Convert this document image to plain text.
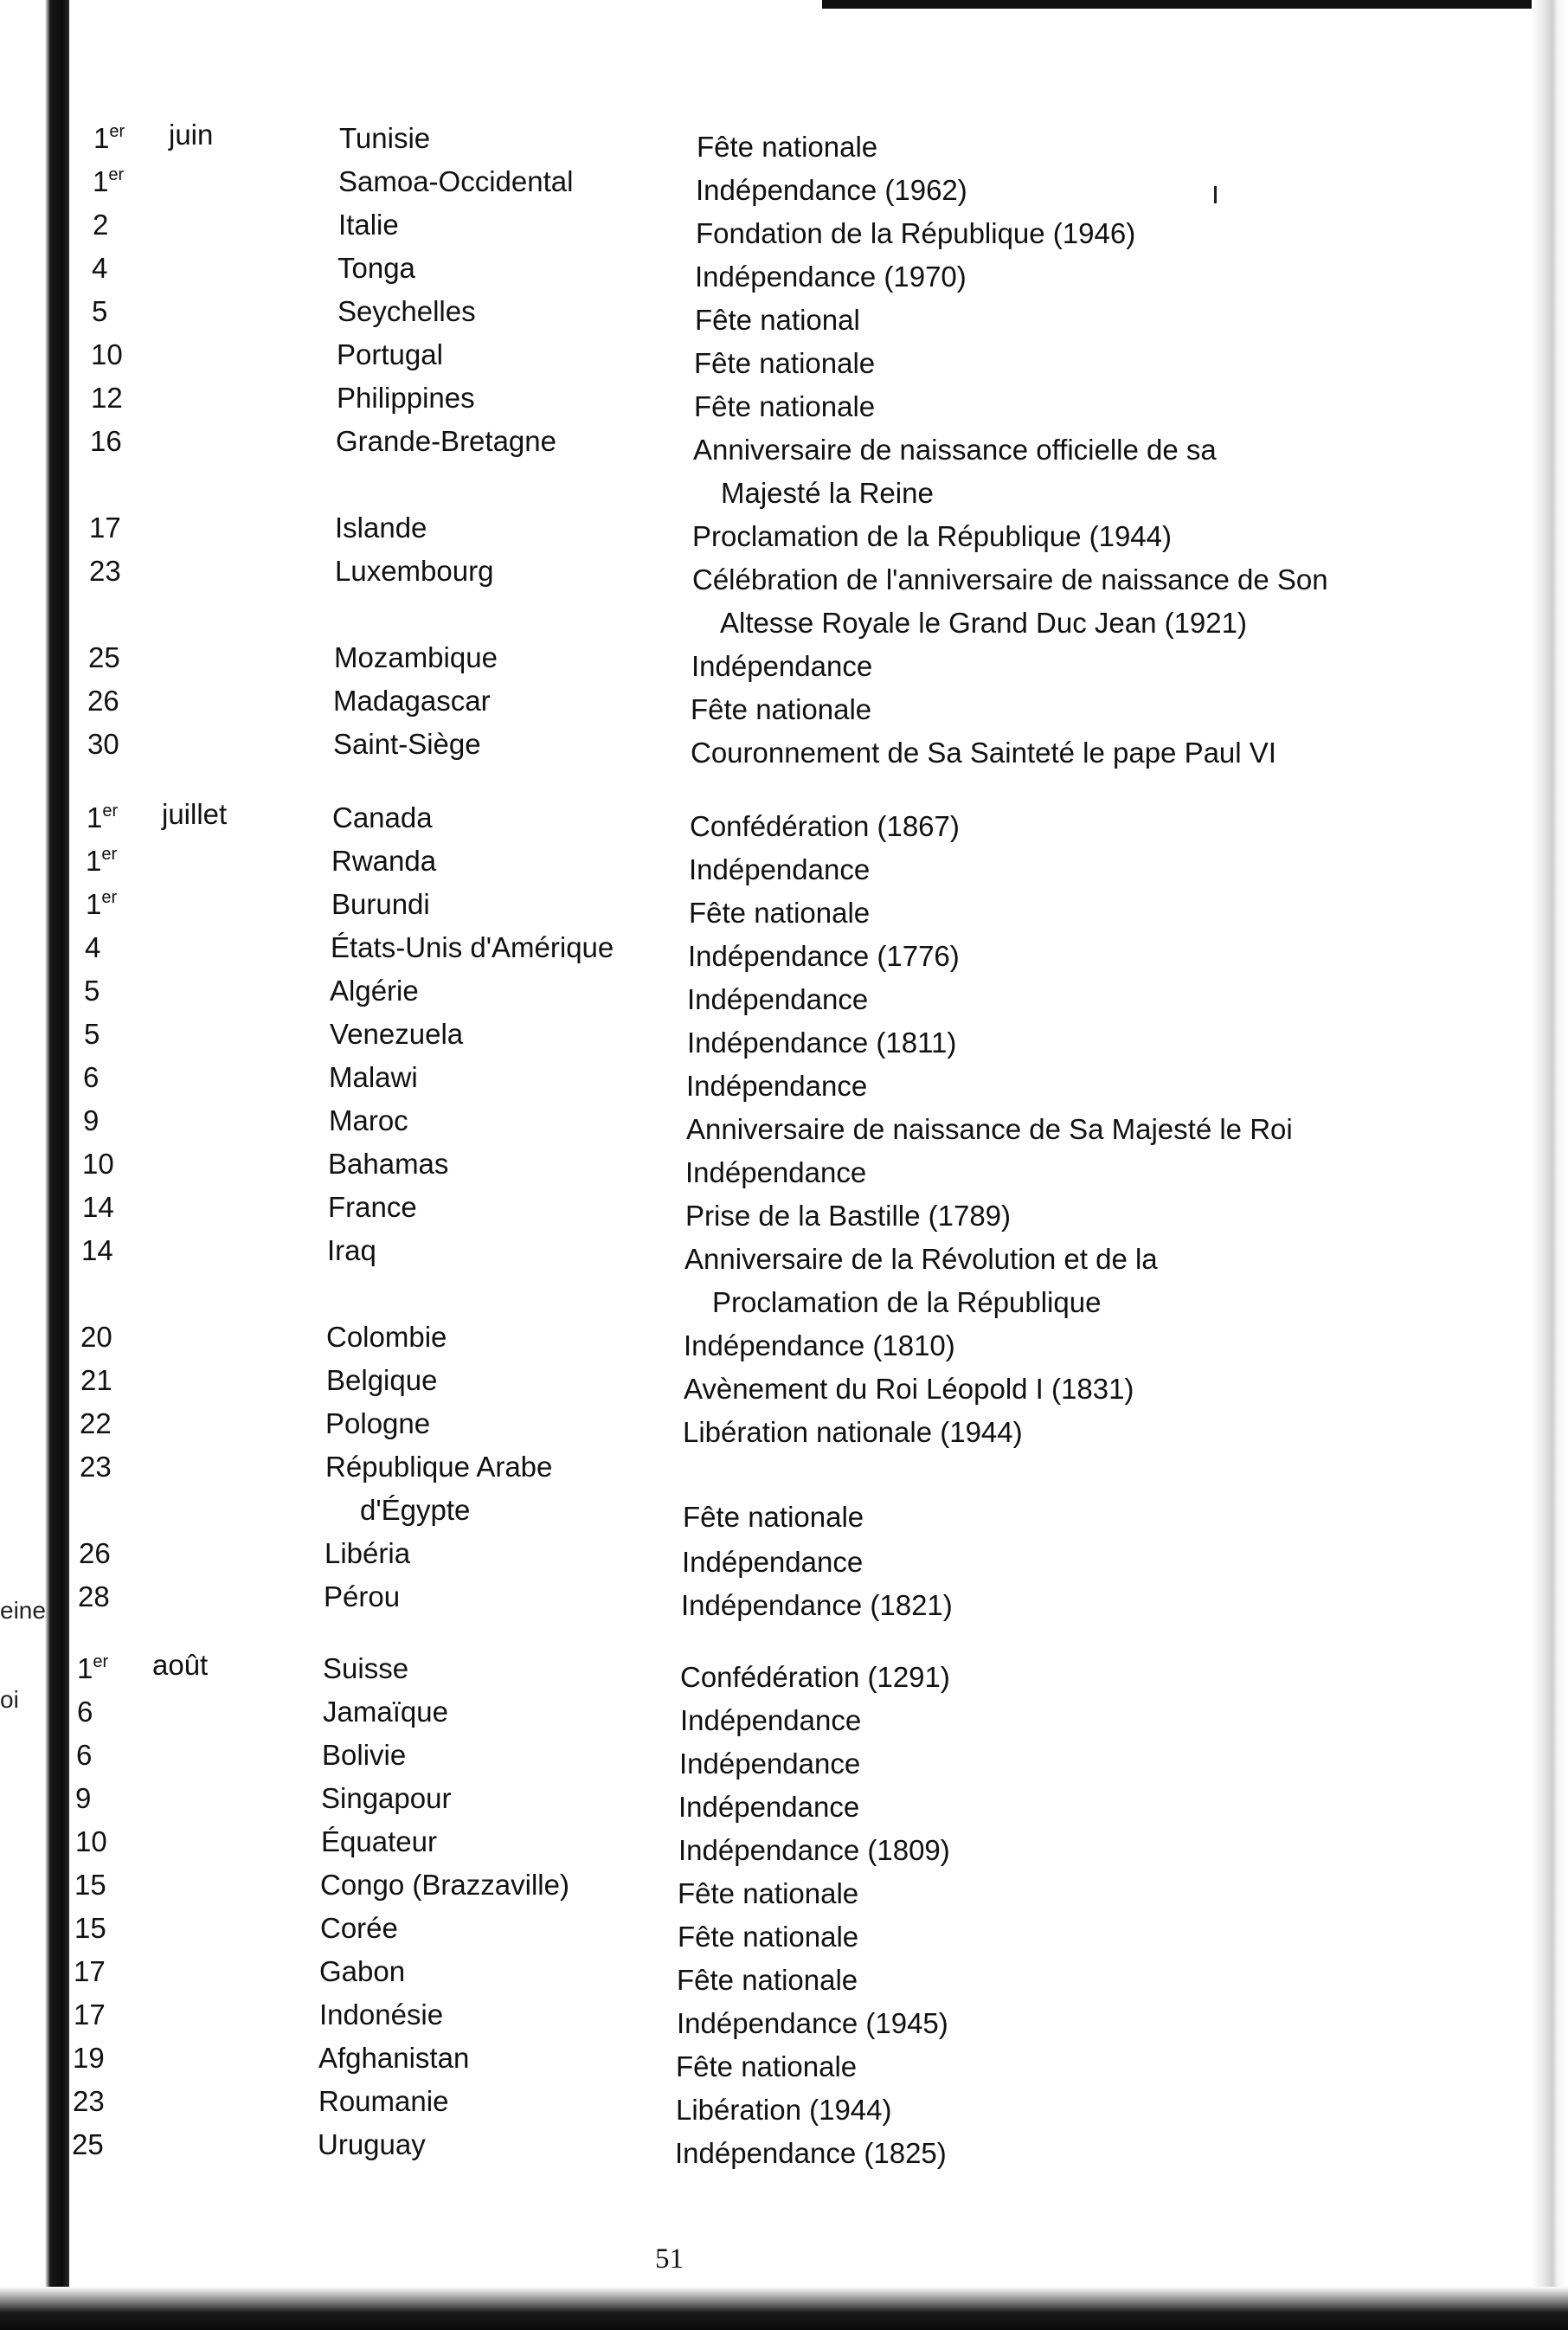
eine
oi
1er juin	Tunisie	Fête nationale
1er	Samoa-Occidental	Indépendance (1962)
2	Italie	Fondation de la République (1946)
4	Tonga	Indépendance (1970)
5	Seychelles	Fête national
10	Portugal	Fête nationale
12	Philippines	Fête nationale
16	Grande-Bretagne	Anniversaire de naissance officielle de sa
Majesté la Reine
17	Islande	Proclamation de la République (1944)
23	Luxembourg	Célébration de l'anniversaire de naissance de Son
Altesse Royale le Grand Duc Jean (1921)
25	Mozambique	Indépendance
26	Madagascar	Fête nationale
30	Saint-Siège	Couronnement de Sa Sainteté le pape Paul VI
1er juillet	Canada	Confédération (1867)
1er	Rwanda	Indépendance
1er	Burundi	Fête nationale
4	États-Unis d'Amérique	Indépendance (1776)
5	Algérie	Indépendance
5	Venezuela	Indépendance (1811)
6	Malawi	Indépendance
9	Maroc	Anniversaire de naissance de Sa Majesté le Roi
10	Bahamas	Indépendance
14	France	Prise de la Bastille (1789)
14	Iraq	Anniversaire de la Révolution et de la
Proclamation de la République
20	Colombie	Indépendance (1810)
21	Belgique	Avènement du Roi Léopold I (1831)
22	Pologne	Libération nationale (1944)
23	République Arabe
d'Égypte	Fête nationale
26	Libéria	Indépendance
28	Pérou	Indépendance (1821)
1er août	Suisse	Confédération (1291)
6	Jamaïque	Indépendance
6	Bolivie	Indépendance
9	Singapour	Indépendance
10	Équateur	Indépendance (1809)
15	Congo (Brazzaville)	Fête nationale
15	Corée	Fête nationale
17	Gabon	Fête nationale
17	Indonésie	Indépendance (1945)
19	Afghanistan	Fête nationale
23	Roumanie	Libération (1944)
25	Uruguay	Indépendance (1825)
51
